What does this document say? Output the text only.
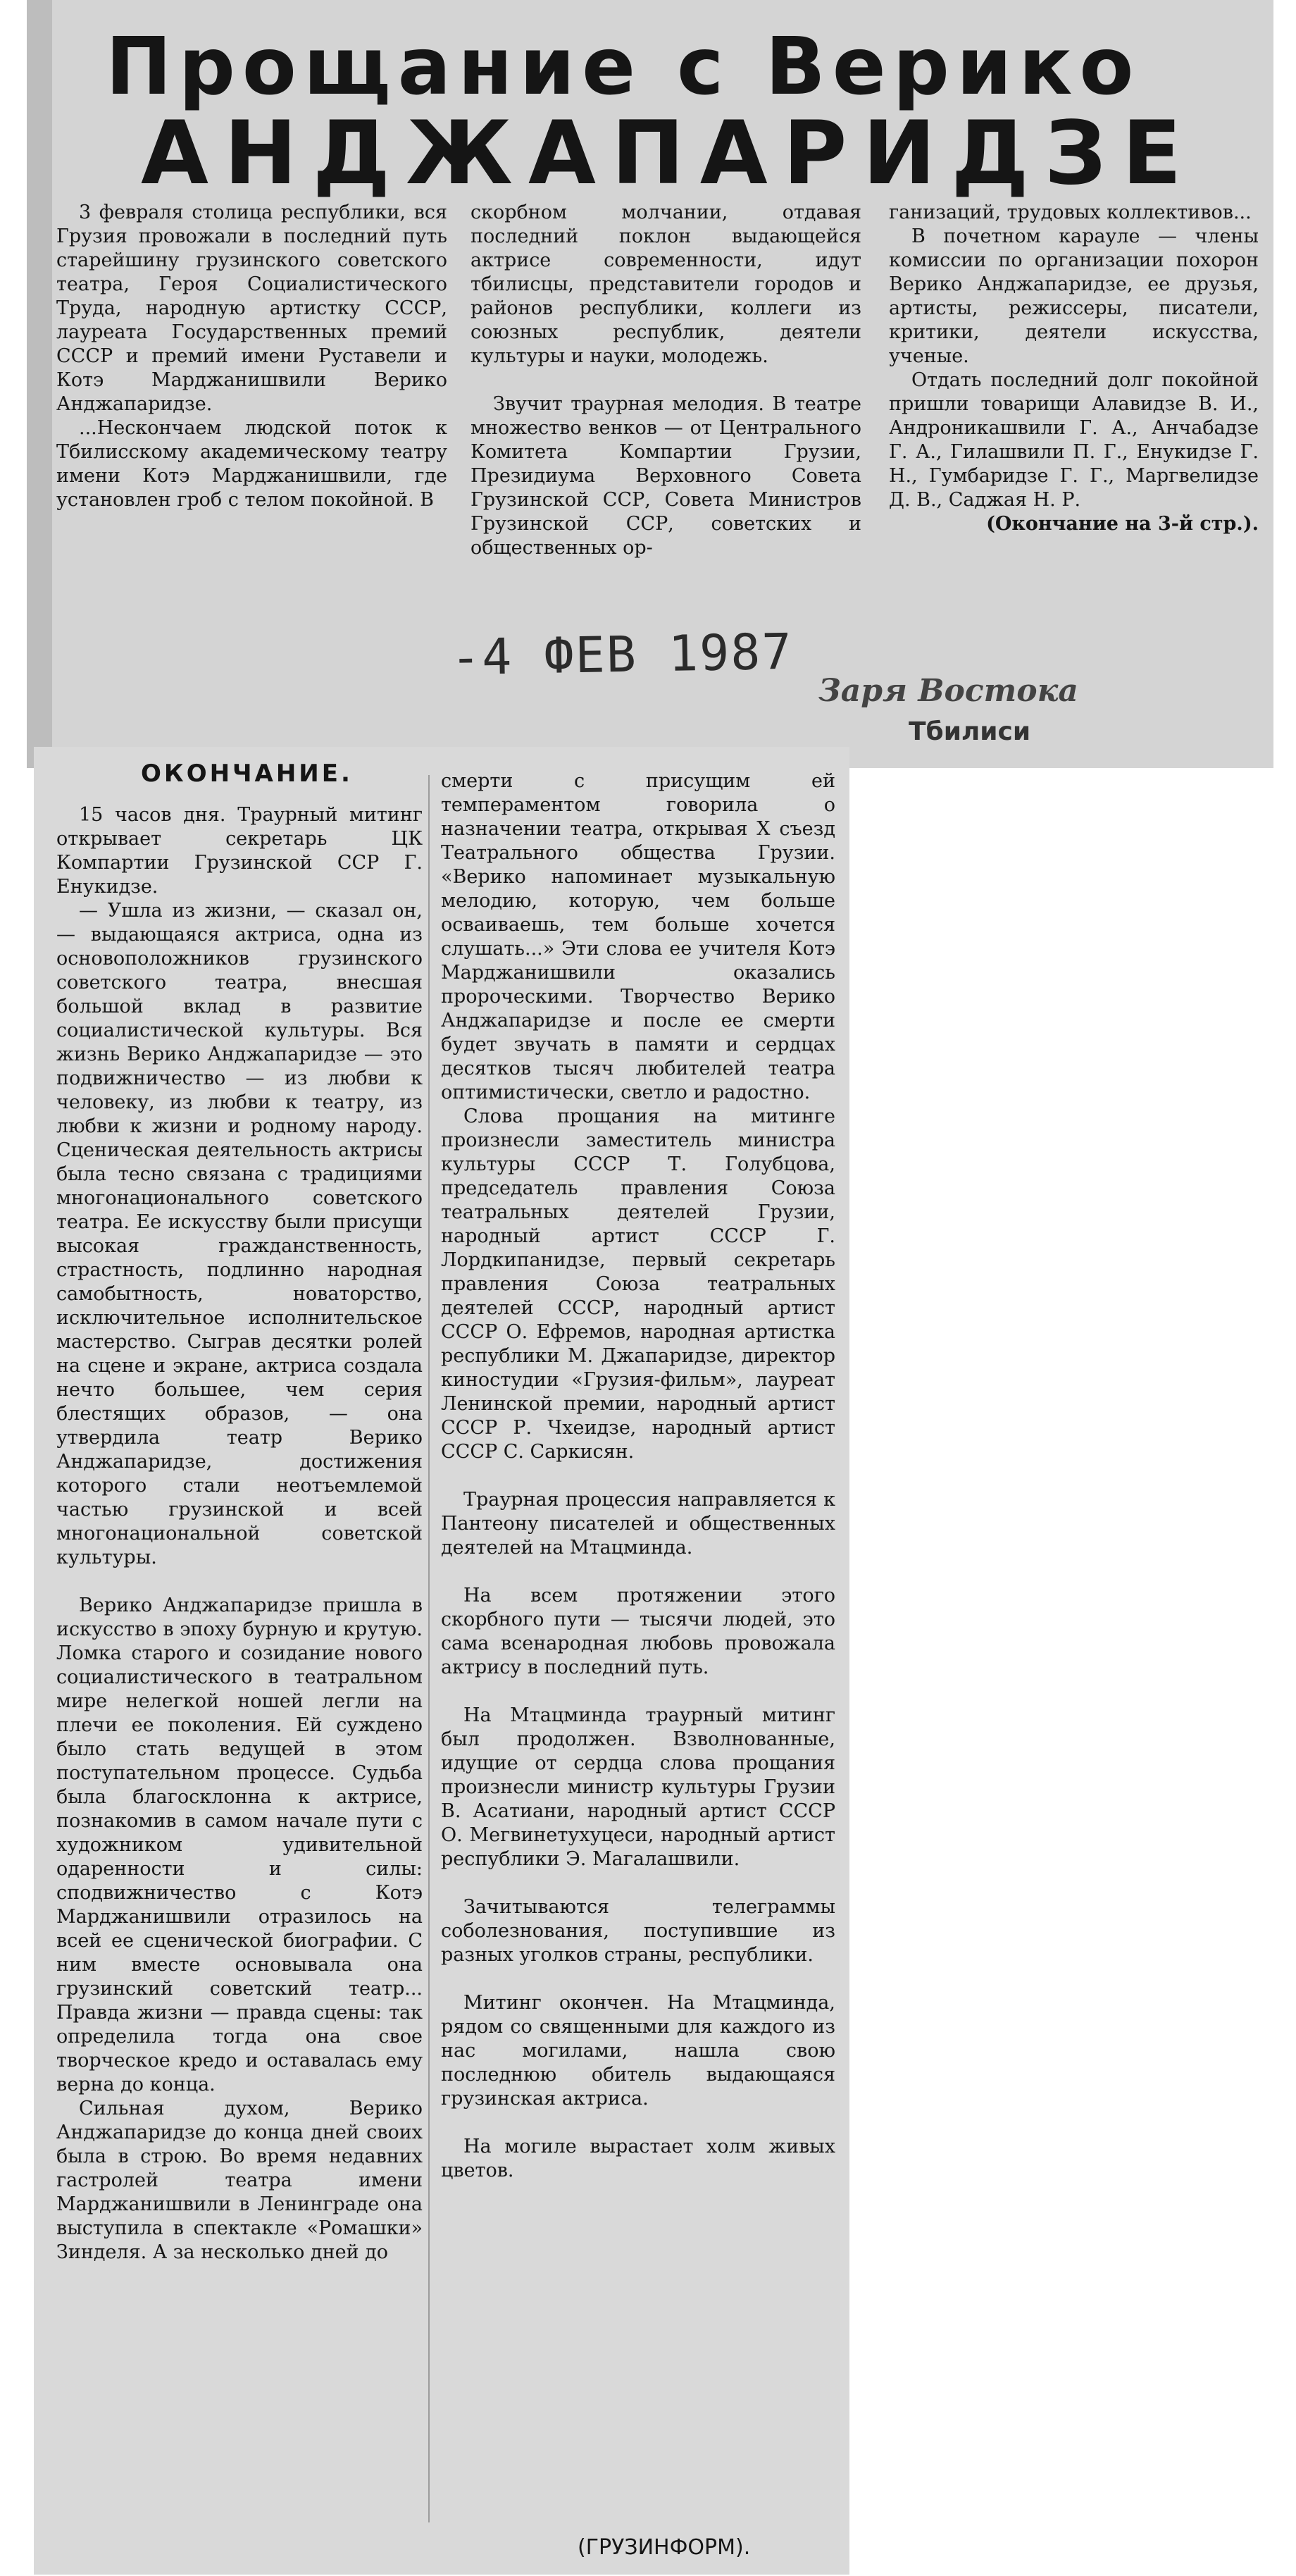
Прощание с Верико
АНДЖАПАРИДЗЕ

3 февраля столица республики, вся Грузия провожали в последний путь старейшину грузинского советского театра, Героя Социалистического Труда, народную артистку СССР, лауреата Государственных премий СССР и премий имени Руставели и Котэ Марджанишвили Верико Анджапаридзе.

...Нескончаем людской поток к Тбилисскому академическому театру имени Котэ Марджанишвили, где установлен гроб с телом покойной. В

скорбном молчании, отдавая последний поклон выдающейся актрисе современности, идут тбилисцы, представители городов и районов республики, коллеги из союзных республик, деятели культуры и науки, молодежь.

Звучит траурная мелодия. В театре множество венков — от Центрального Комитета Компартии Грузии, Президиума Верховного Совета Грузинской ССР, Совета Министров Грузинской ССР, советских и общественных ор-

ганизаций, трудовых коллективов...

В почетном карауле — члены комиссии по организации похорон Верико Анджапаридзе, ее друзья, артисты, режиссеры, писатели, критики, деятели искусства, ученые.

Отдать последний долг покойной пришли товарищи Алавидзе В. И., Андроникашвили Г. А., Анчабадзе Г. А., Гилашвили П. Г., Енукидзе Г. Н., Гумбаридзе Г. Г., Маргвелидзе Д. В., Саджая Н. Р.

(Окончание на 3-й стр.).

-4 ФЕВ 1987
Заря Востока
Тбилиси
ОКОНЧАНИЕ.

15 часов дня. Траурный митинг открывает секретарь ЦК Компартии Грузинской ССР Г. Енукидзе.

— Ушла из жизни, — сказал он, — выдающаяся актриса, одна из основоположников грузинского советского театра, внесшая большой вклад в развитие социалистической культуры. Вся жизнь Верико Анджапаридзе — это подвижничество — из любви к человеку, из любви к театру, из любви к жизни и родному народу. Сценическая деятельность актрисы была тесно связана с традициями многонационального советского театра. Ее искусству были присущи высокая гражданственность, страстность, подлинно народная самобытность, новаторство, исключительное исполнительское мастерство. Сыграв десятки ролей на сцене и экране, актриса создала нечто большее, чем серия блестящих образов, — она утвердила театр Верико Анджапаридзе, достижения которого стали неотъемлемой частью грузинской и всей многонациональной советской культуры.

Верико Анджапаридзе пришла в искусство в эпоху бурную и крутую. Ломка старого и созидание нового социалистического в театральном мире нелегкой ношей легли на плечи ее поколения. Ей суждено было стать ведущей в этом поступательном процессе. Судьба была благосклонна к актрисе, познакомив в самом начале пути с художником удивительной одаренности и силы: сподвижничество с Котэ Марджанишвили отразилось на всей ее сценической биографии. С ним вместе основывала она грузинский советский театр... Правда жизни — правда сцены: так определила тогда она свое творческое кредо и оставалась ему верна до конца.

Сильная духом, Верико Анджапаридзе до конца дней своих была в строю. Во время недавних гастролей театра имени Марджанишвили в Ленинграде она выступила в спектакле «Ромашки» Зинделя. А за несколько дней до

смерти с присущим ей темпераментом говорила о назначении театра, открывая X съезд Театрального общества Грузии. «Верико напоминает музыкальную мелодию, которую, чем больше осваиваешь, тем больше хочется слушать...» Эти слова ее учителя Котэ Марджанишвили оказались пророческими. Творчество Верико Анджапаридзе и после ее смерти будет звучать в памяти и сердцах десятков тысяч любителей театра оптимистически, светло и радостно.

Слова прощания на митинге произнесли заместитель министра культуры СССР Т. Голубцова, председатель правления Союза театральных деятелей Грузии, народный артист СССР Г. Лордкипанидзе, первый секретарь правления Союза театральных деятелей СССР, народный артист СССР О. Ефремов, народная артистка республики М. Джапаридзе, директор киностудии «Грузия-фильм», лауреат Ленинской премии, народный артист СССР Р. Чхеидзе, народный артист СССР С. Саркисян.

Траурная процессия направляется к Пантеону писателей и общественных деятелей на Мтацминда.

На всем протяжении этого скорбного пути — тысячи людей, это сама всенародная любовь провожала актрису в последний путь.

На Мтацминда траурный митинг был продолжен. Взволнованные, идущие от сердца слова прощания произнесли министр культуры Грузии В. Асатиани, народный артист СССР О. Мегвинетухуцеси, народный артист республики Э. Магалашвили.

Зачитываются телеграммы соболезнования, поступившие из разных уголков страны, республики.

Митинг окончен. На Мтацминда, рядом со священными для каждого из нас могилами, нашла свою последнюю обитель выдающаяся грузинская актриса.

На могиле вырастает холм живых цветов.

(ГРУЗИНФОРМ).
